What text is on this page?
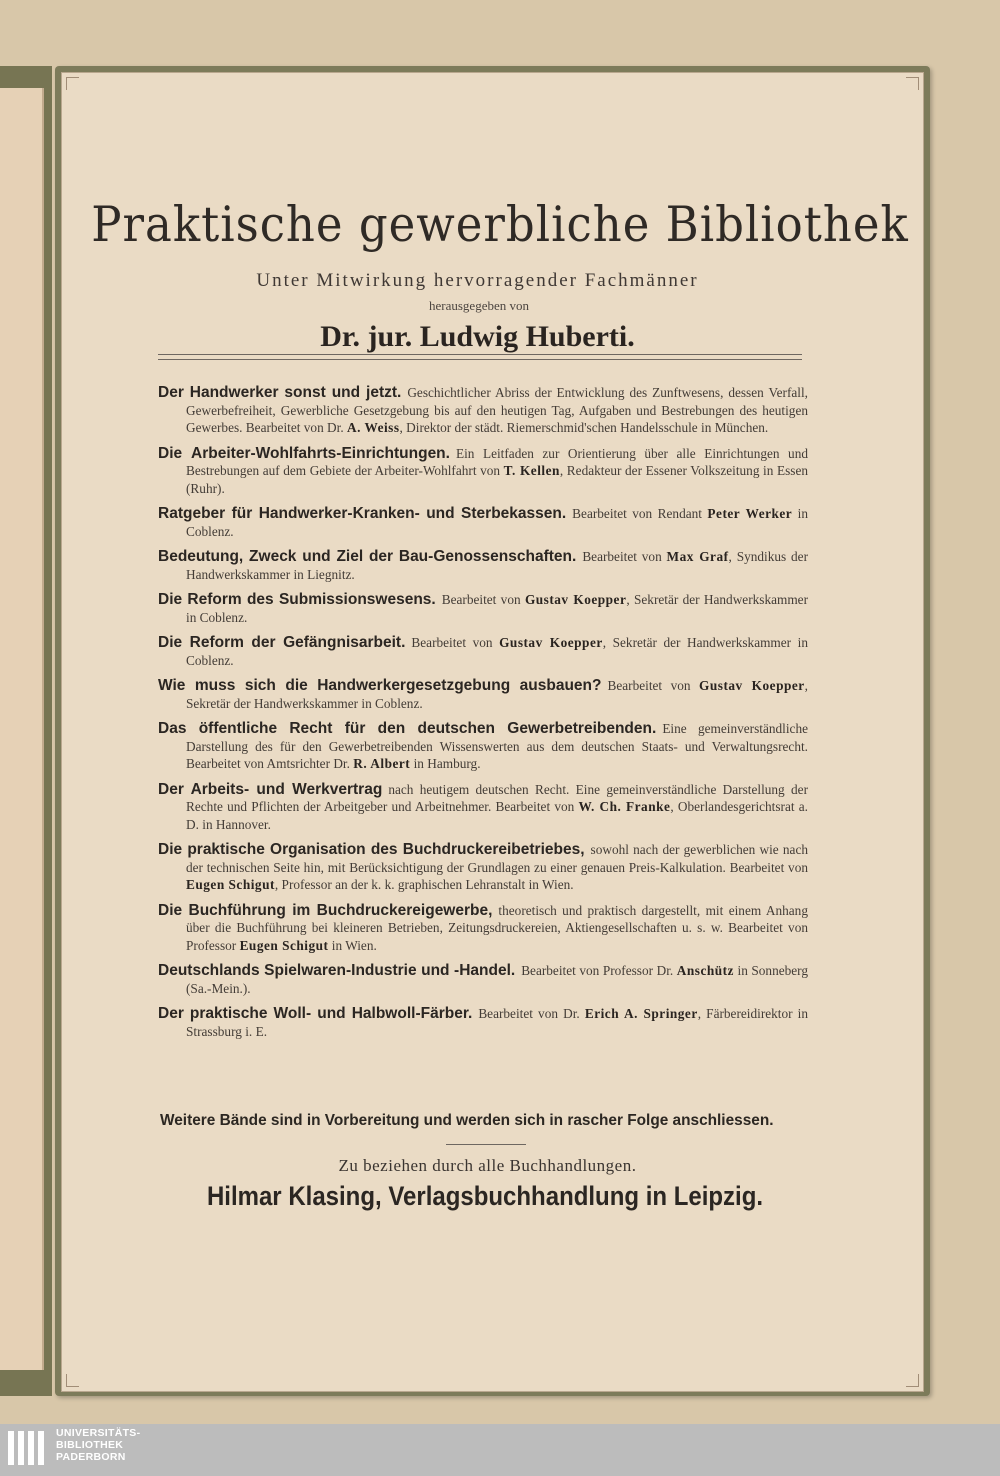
Praktische gewerbliche Bibliothek
Unter Mitwirkung hervorragender Fachmänner
herausgegeben von
Dr. jur. Ludwig Huberti.
Der Handwerker sonst und jetzt. Geschichtlicher Abriss der Entwicklung des Zunftwesens, dessen Verfall, Gewerbefreiheit, Gewerbliche Gesetzgebung bis auf den heutigen Tag, Aufgaben und Bestrebungen des heutigen Gewerbes. Bearbeitet von Dr. A. Weiss, Direktor der städt. Riemerschmid'schen Handelsschule in München.
Die Arbeiter-Wohlfahrts-Einrichtungen. Ein Leitfaden zur Orientierung über alle Einrichtungen und Bestrebungen auf dem Gebiete der Arbeiter-Wohlfahrt von T. Kellen, Redakteur der Essener Volkszeitung in Essen (Ruhr).
Ratgeber für Handwerker-Kranken- und Sterbekassen. Bearbeitet von Rendant Peter Werker in Coblenz.
Bedeutung, Zweck und Ziel der Bau-Genossenschaften. Bearbeitet von Max Graf, Syndikus der Handwerkskammer in Liegnitz.
Die Reform des Submissionswesens. Bearbeitet von Gustav Koepper, Sekretär der Handwerkskammer in Coblenz.
Die Reform der Gefängnisarbeit. Bearbeitet von Gustav Koepper, Sekretär der Handwerkskammer in Coblenz.
Wie muss sich die Handwerkergesetzgebung ausbauen? Bearbeitet von Gustav Koepper, Sekretär der Handwerkskammer in Coblenz.
Das öffentliche Recht für den deutschen Gewerbetreibenden. Eine gemeinverständliche Darstellung des für den Gewerbetreibenden Wissenswerten aus dem deutschen Staats- und Verwaltungsrecht. Bearbeitet von Amtsrichter Dr. R. Albert in Hamburg.
Der Arbeits- und Werkvertrag nach heutigem deutschen Recht. Eine gemeinverständliche Darstellung der Rechte und Pflichten der Arbeitgeber und Arbeitnehmer. Bearbeitet von W. Ch. Franke, Oberlandesgerichtsrat a. D. in Hannover.
Die praktische Organisation des Buchdruckereibetriebes, sowohl nach der gewerblichen wie nach der technischen Seite hin, mit Berücksichtigung der Grundlagen zu einer genauen Preis-Kalkulation. Bearbeitet von Eugen Schigut, Professor an der k. k. graphischen Lehranstalt in Wien.
Die Buchführung im Buchdruckereigewerbe, theoretisch und praktisch dargestellt, mit einem Anhang über die Buchführung bei kleineren Betrieben, Zeitungsdruckereien, Aktiengesellschaften u. s. w. Bearbeitet von Professor Eugen Schigut in Wien.
Deutschlands Spielwaren-Industrie und -Handel. Bearbeitet von Professor Dr. Anschütz in Sonneberg (Sa.-Mein.).
Der praktische Woll- und Halbwoll-Färber. Bearbeitet von Dr. Erich A. Springer, Färbereidirektor in Strassburg i. E.
Weitere Bände sind in Vorbereitung und werden sich in rascher Folge anschliessen.
Zu beziehen durch alle Buchhandlungen.
Hilmar Klasing, Verlagsbuchhandlung in Leipzig.
UNIVERSITÄTS-
BIBLIOTHEK
PADERBORN
